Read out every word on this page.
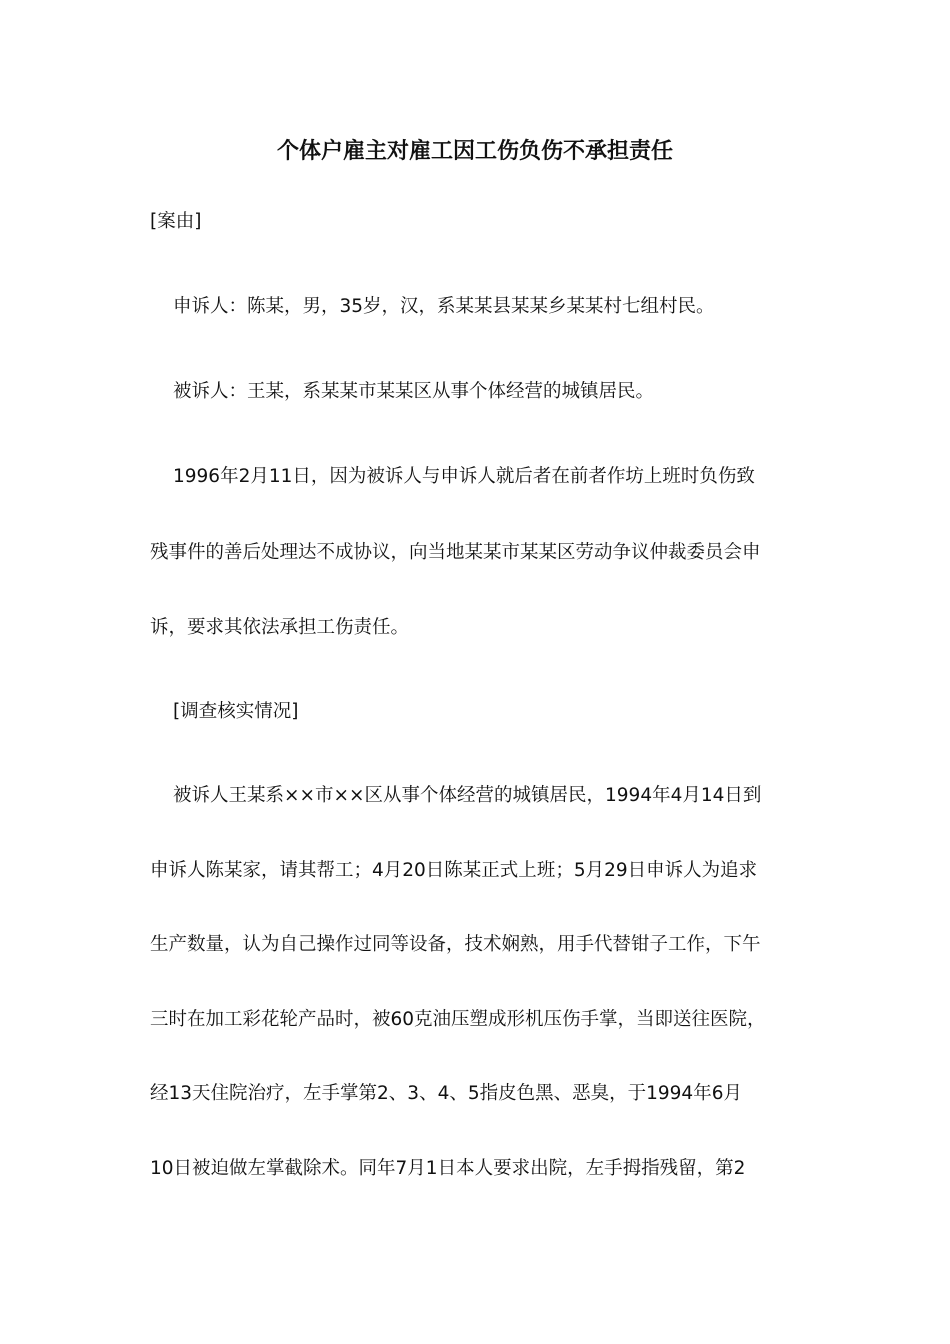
个体户雇主对雇工因工伤负伤不承担责任
[案由]
申诉人：陈某，男，35岁，汉，系某某县某某乡某某村七组村民。
被诉人：王某，系某某市某某区从事个体经营的城镇居民。
1996年2月11日，因为被诉人与申诉人就后者在前者作坊上班时负伤致
残事件的善后处理达不成协议，向当地某某市某某区劳动争议仲裁委员会申
诉，要求其依法承担工伤责任。
[调查核实情况]
被诉人王某系××市××区从事个体经营的城镇居民，1994年4月14日到
申诉人陈某家，请其帮工；4月20日陈某正式上班；5月29日申诉人为追求
生产数量，认为自己操作过同等设备，技术娴熟，用手代替钳子工作，下午
三时在加工彩花轮产品时，被60克油压塑成形机压伤手掌，当即送往医院，
经13天住院治疗，左手掌第2、3、4、5指皮色黑、恶臭，于1994年6月
10日被迫做左掌截除术。同年7月1日本人要求出院，左手拇指残留，第2
